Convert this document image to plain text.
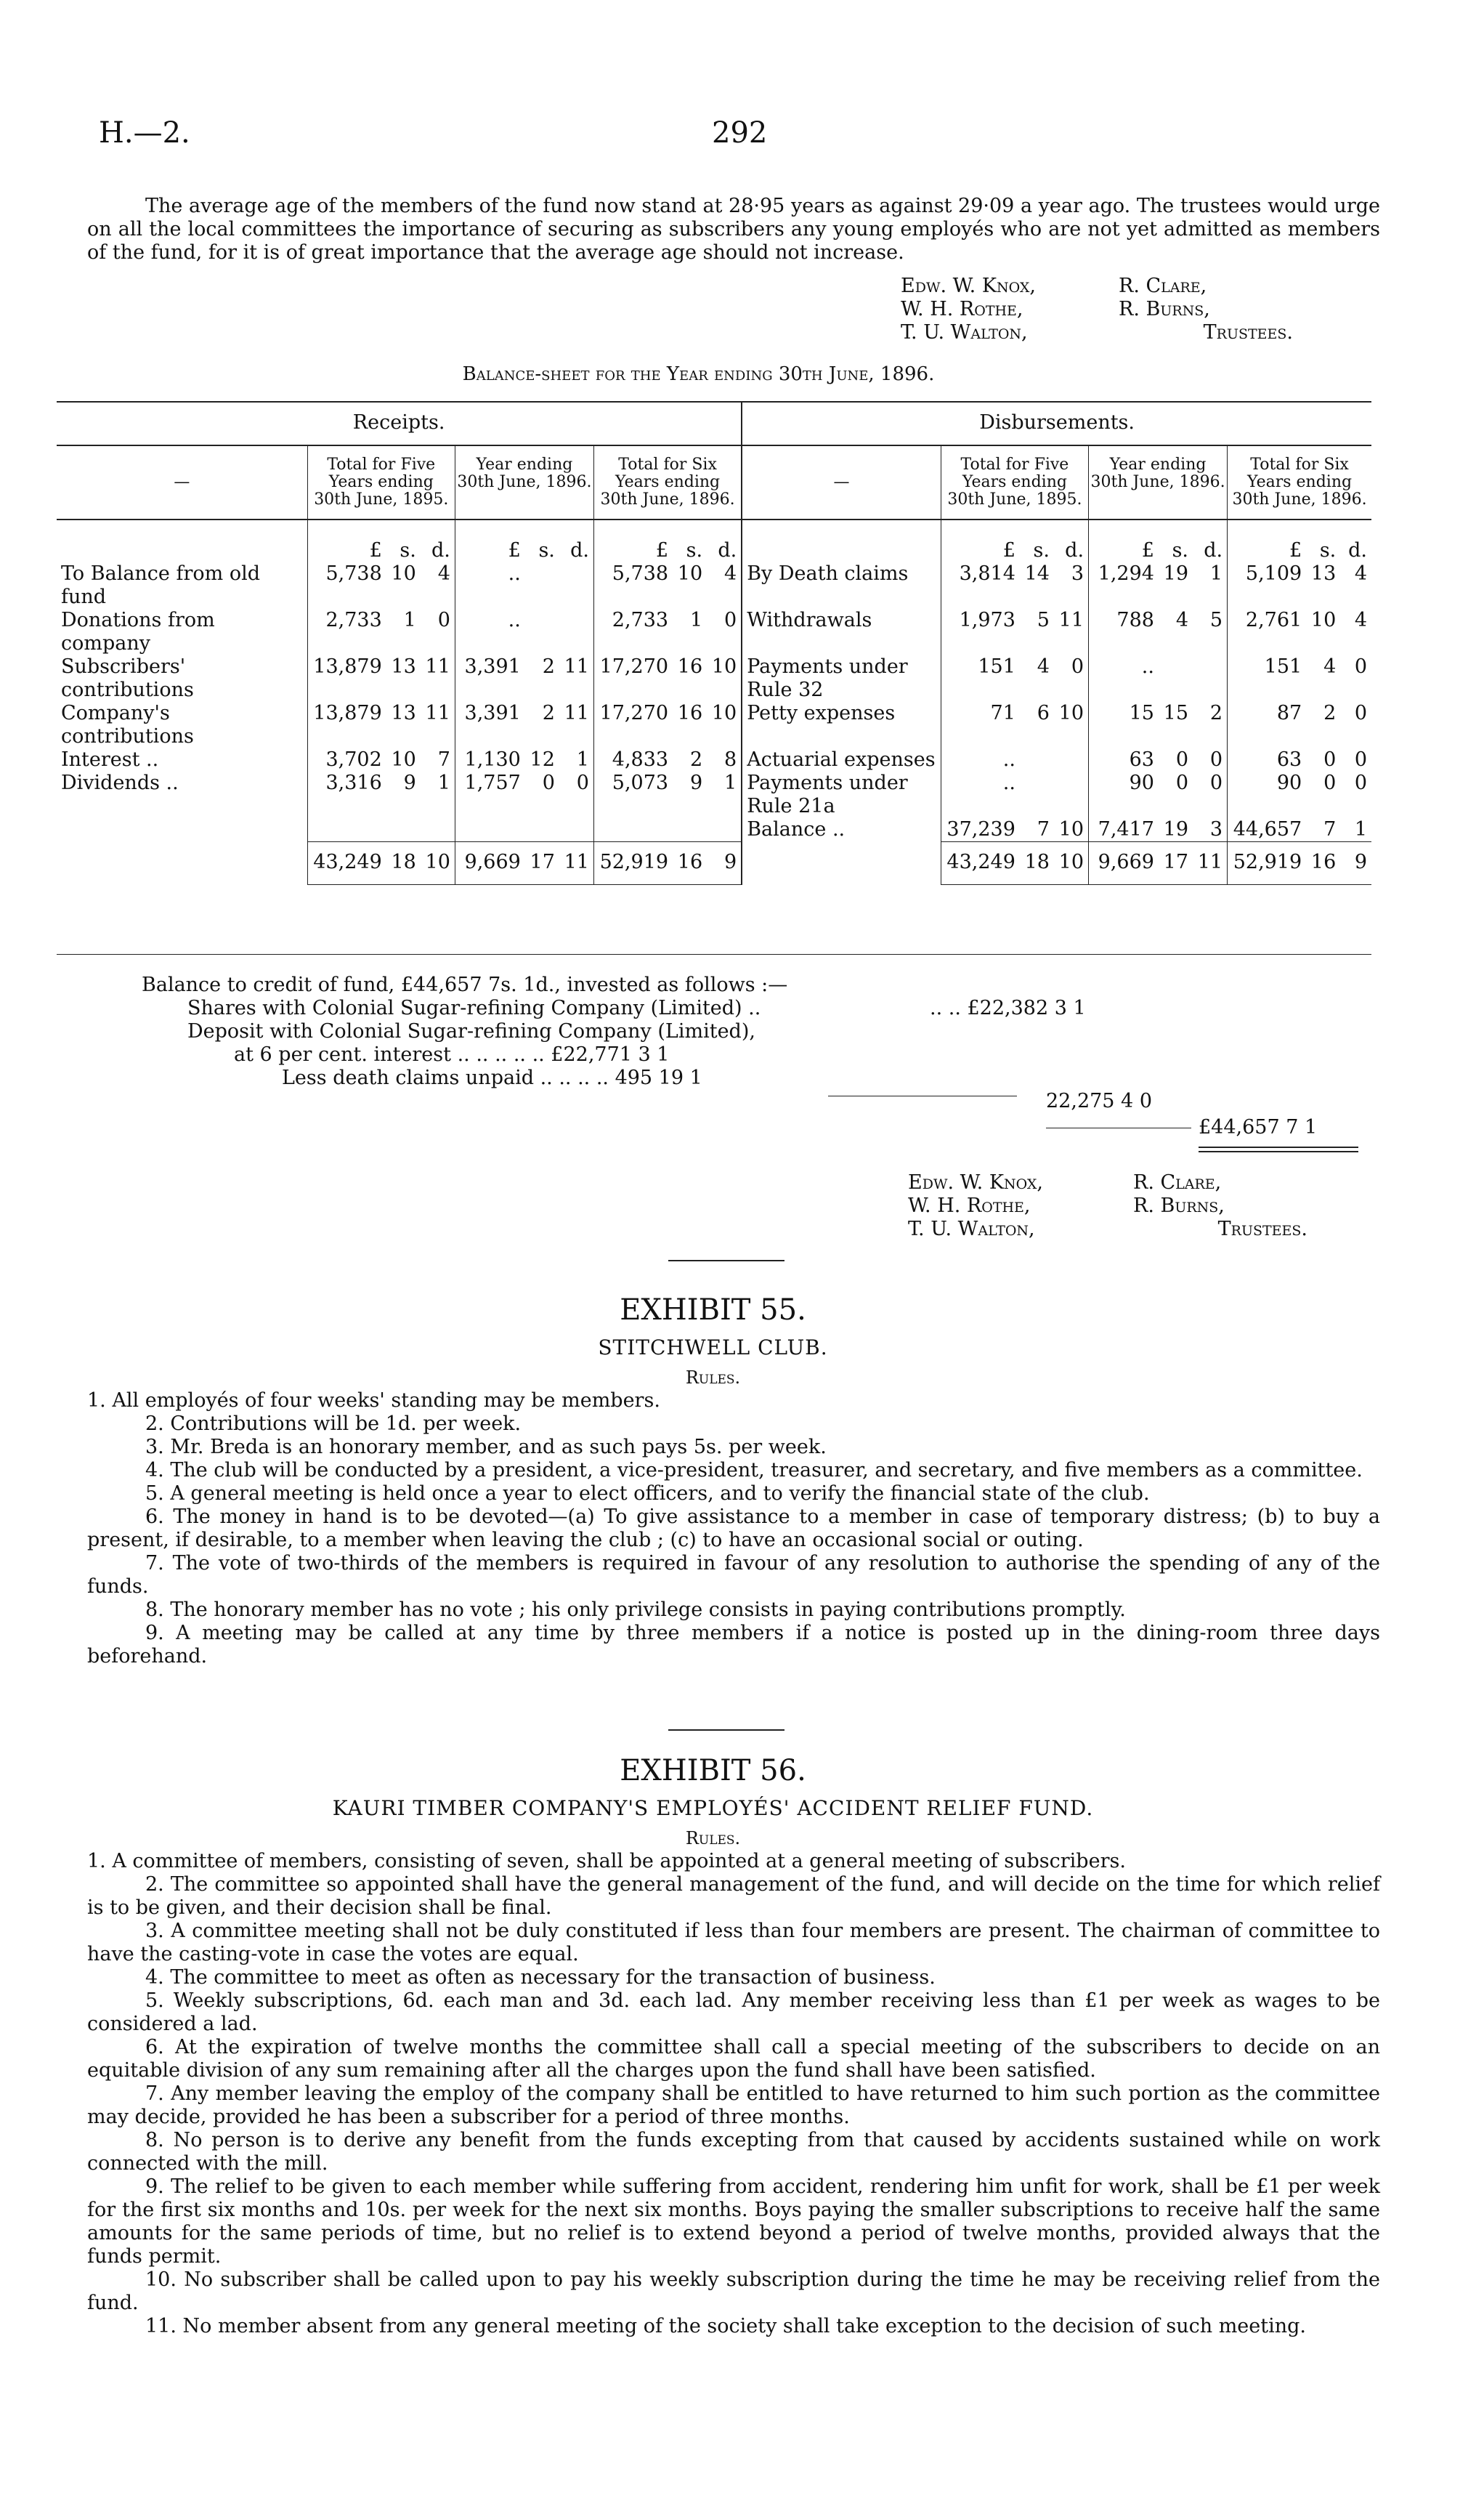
H.—2.	292
The average age of the members of the fund now stand at 28·95 years as against 29·09 a year ago. The trustees would urge on all the local committees the importance of securing as subscribers any young employés who are not yet admitted as members of the fund, for it is of great importance that the average age should not increase.
Edw. W. Knox,
W. H. Rothe,
T. U. Walton,
R. Clare,
R. Burns,
Trustees.
Balance-sheet for the Year ending 30th June, 1896.
Receipts.										Disbursements.									
—	Total for Five Years ending 30th June, 1895.			Year ending 30th June, 1896.			Total for Six Years ending 30th June, 1896.			—	Total for Five Years ending 30th June, 1895.			Year ending 30th June, 1896.			Total for Six Years ending 30th June, 1896.		
	£	s.	d.	£	s.	d.	£	s.	d.		£	s.	d.	£	s.	d.	£	s.	d.
To Balance from old fund	5,738	10	4	..			5,738	10	4	By Death claims	3,814	14	3	1,294	19	1	5,109	13	4
Donations from company	2,733	1	0	..			2,733	1	0	Withdrawals	1,973	5	11	788	4	5	2,761	10	4
Subscribers' contributions	13,879	13	11	3,391	2	11	17,270	16	10	Payments under Rule 32	151	4	0	..			151	4	0
Company's contributions	13,879	13	11	3,391	2	11	17,270	16	10	Petty expenses	71	6	10	15	15	2	87	2	0
Interest ..	3,702	10	7	1,130	12	1	4,833	2	8	Actuarial expenses	..			63	0	0	63	0	0
Dividends ..	3,316	9	1	1,757	0	0	5,073	9	1	Payments under Rule 21a	..			90	0	0	90	0	0
										Balance ..	37,239	7	10	7,417	19	3	44,657	7	1
	43,249	18	10	9,669	17	11	52,919	16	9		43,249	18	10	9,669	17	11	52,919	16	9
Balance to credit of fund, £44,657 7s. 1d., invested as follows :—
Shares with Colonial Sugar-refining Company (Limited) ..	.. .. £22,382 3 1
Deposit with Colonial Sugar-refining Company (Limited),
at 6 per cent. interest .. .. .. .. .. £22,771 3 1
Less death claims unpaid .. .. .. .. 495 19 1
22,275 4 0
£44,657 7 1
Edw. W. Knox,
W. H. Rothe,
T. U. Walton,
R. Clare,
R. Burns,
Trustees.
EXHIBIT 55.
STITCHWELL CLUB.
Rules.
1. All employés of four weeks' standing may be members.
2. Contributions will be 1d. per week.
3. Mr. Breda is an honorary member, and as such pays 5s. per week.
4. The club will be conducted by a president, a vice-president, treasurer, and secretary, and five members as a committee.
5. A general meeting is held once a year to elect officers, and to verify the financial state of the club.
6. The money in hand is to be devoted—(a) To give assistance to a member in case of temporary distress; (b) to buy a present, if desirable, to a member when leaving the club ; (c) to have an occasional social or outing.
7. The vote of two-thirds of the members is required in favour of any resolution to authorise the spending of any of the funds.
8. The honorary member has no vote ; his only privilege consists in paying contributions promptly.
9. A meeting may be called at any time by three members if a notice is posted up in the dining-room three days beforehand.
EXHIBIT 56.
KAURI TIMBER COMPANY'S EMPLOYÉS' ACCIDENT RELIEF FUND.
Rules.
1. A committee of members, consisting of seven, shall be appointed at a general meeting of subscribers.
2. The committee so appointed shall have the general management of the fund, and will decide on the time for which relief is to be given, and their decision shall be final.
3. A committee meeting shall not be duly constituted if less than four members are present. The chairman of committee to have the casting-vote in case the votes are equal.
4. The committee to meet as often as necessary for the transaction of business.
5. Weekly subscriptions, 6d. each man and 3d. each lad. Any member receiving less than £1 per week as wages to be considered a lad.
6. At the expiration of twelve months the committee shall call a special meeting of the subscribers to decide on an equitable division of any sum remaining after all the charges upon the fund shall have been satisfied.
7. Any member leaving the employ of the company shall be entitled to have returned to him such portion as the committee may decide, provided he has been a subscriber for a period of three months.
8. No person is to derive any benefit from the funds excepting from that caused by accidents sustained while on work connected with the mill.
9. The relief to be given to each member while suffering from accident, rendering him unfit for work, shall be £1 per week for the first six months and 10s. per week for the next six months. Boys paying the smaller subscriptions to receive half the same amounts for the same periods of time, but no relief is to extend beyond a period of twelve months, provided always that the funds permit.
10. No subscriber shall be called upon to pay his weekly subscription during the time he may be receiving relief from the fund.
11. No member absent from any general meeting of the society shall take exception to the decision of such meeting.
